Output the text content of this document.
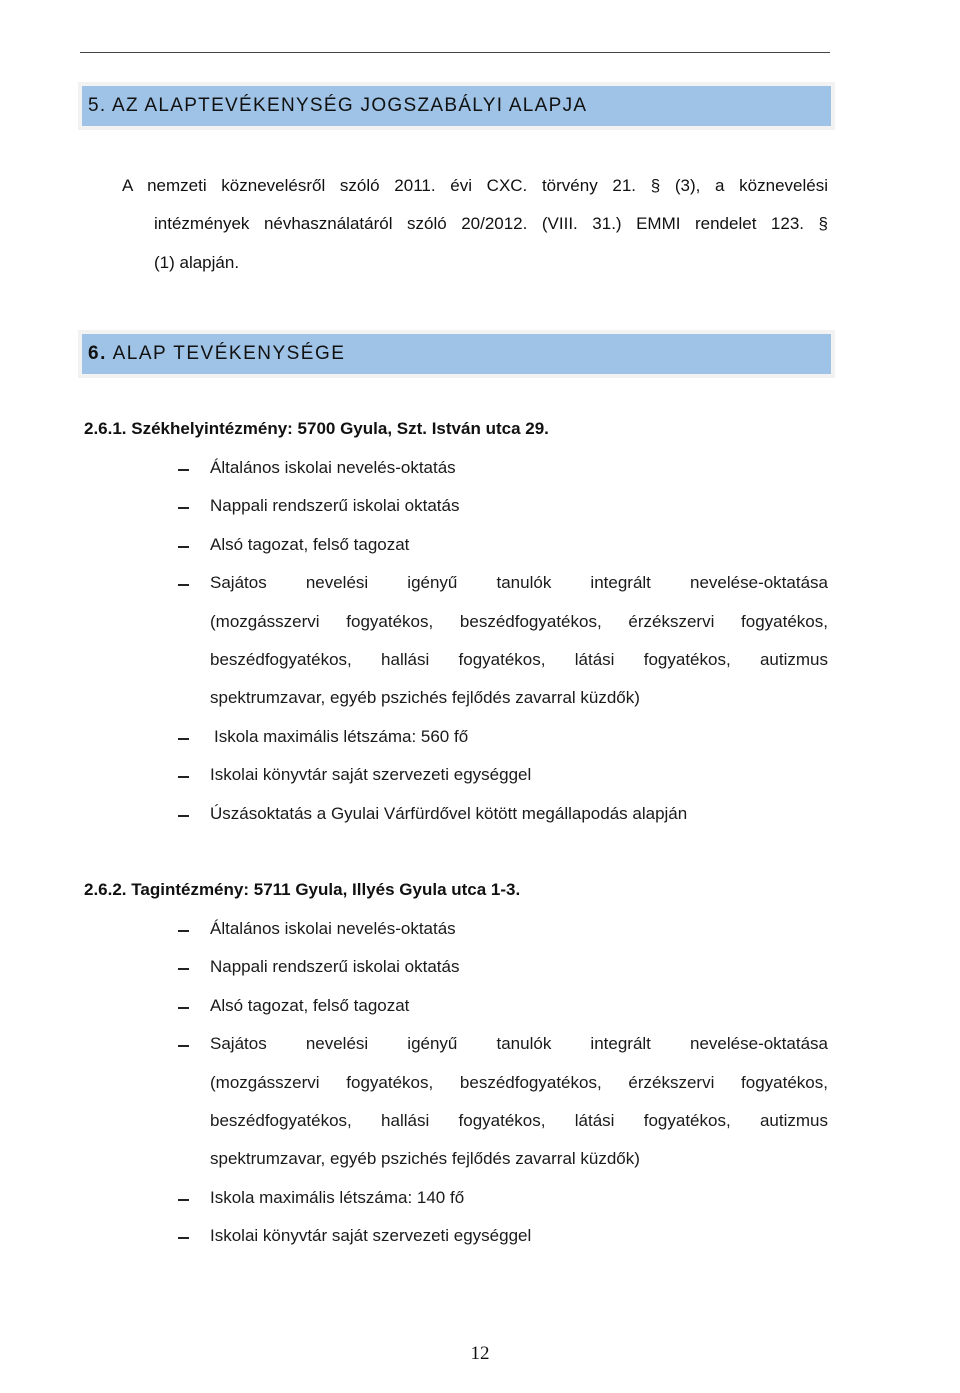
5. AZ ALAPTEVÉKENYSÉG JOGSZABÁLYI ALAPJA
A nemzeti köznevelésről szóló 2011. évi CXC. törvény 21. § (3), a köznevelési
intézmények névhasználatáról szóló 20/2012. (VIII. 31.) EMMI rendelet 123. §
(1) alapján.
6. ALAP TEVÉKENYSÉGE
2.6.1. Székhelyintézmény: 5700 Gyula, Szt. István utca 29.
Általános iskolai nevelés-oktatás
Nappali rendszerű iskolai oktatás
Alsó tagozat, felső tagozat
Sajátos nevelési igényű tanulók integrált nevelése-oktatása
(mozgásszervi fogyatékos, beszédfogyatékos, érzékszervi fogyatékos,
beszédfogyatékos, hallási fogyatékos, látási fogyatékos, autizmus
spektrumzavar, egyéb pszichés fejlődés zavarral küzdők)
Iskola maximális létszáma: 560 fő
Iskolai könyvtár saját szervezeti egységgel
Úszásoktatás a Gyulai Várfürdővel kötött megállapodás alapján
2.6.2. Tagintézmény: 5711 Gyula, Illyés Gyula utca 1-3.
Általános iskolai nevelés-oktatás
Nappali rendszerű iskolai oktatás
Alsó tagozat, felső tagozat
Sajátos nevelési igényű tanulók integrált nevelése-oktatása
(mozgásszervi fogyatékos, beszédfogyatékos, érzékszervi fogyatékos,
beszédfogyatékos, hallási fogyatékos, látási fogyatékos, autizmus
spektrumzavar, egyéb pszichés fejlődés zavarral küzdők)
Iskola maximális létszáma: 140 fő
Iskolai könyvtár saját szervezeti egységgel
12
